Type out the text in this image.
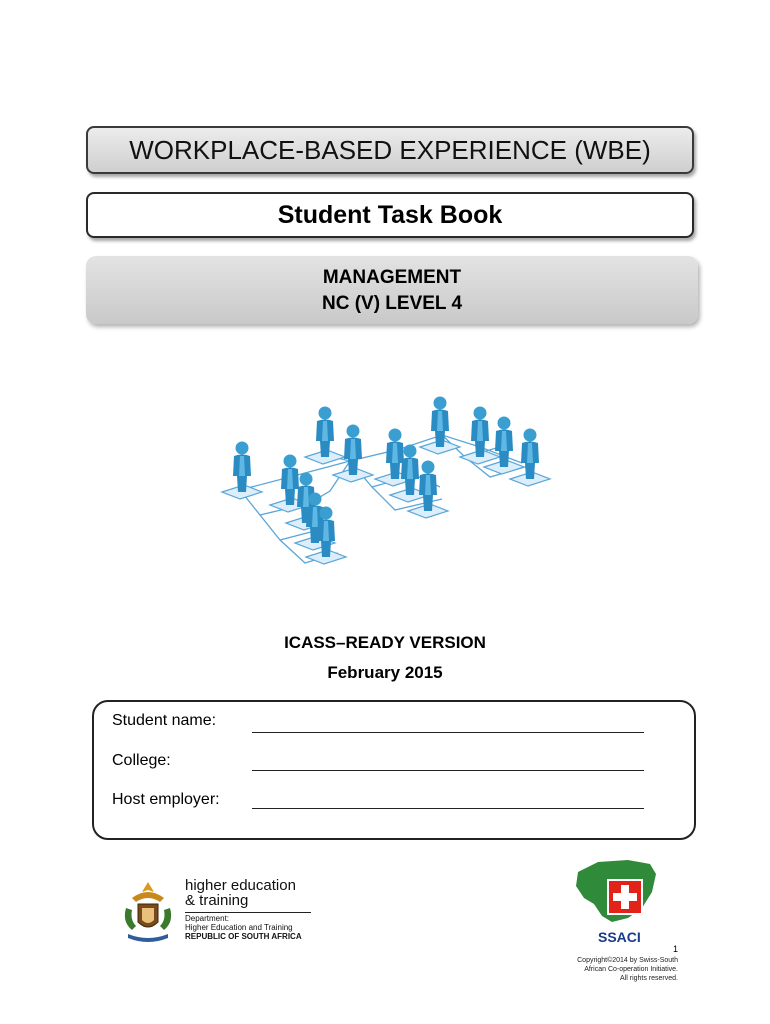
WORKPLACE-BASED EXPERIENCE (WBE)
Student Task Book
MANAGEMENT
NC (V) LEVEL 4
ICASS–READY VERSION
February 2015
Student name:
College:
Host employer:
higher education
& training
Department:
Higher Education and Training
REPUBLIC OF SOUTH AFRICA	SSACI
1
Copyright©2014 by Swiss-South
African Co-operation Initiative.
All rights reserved.
